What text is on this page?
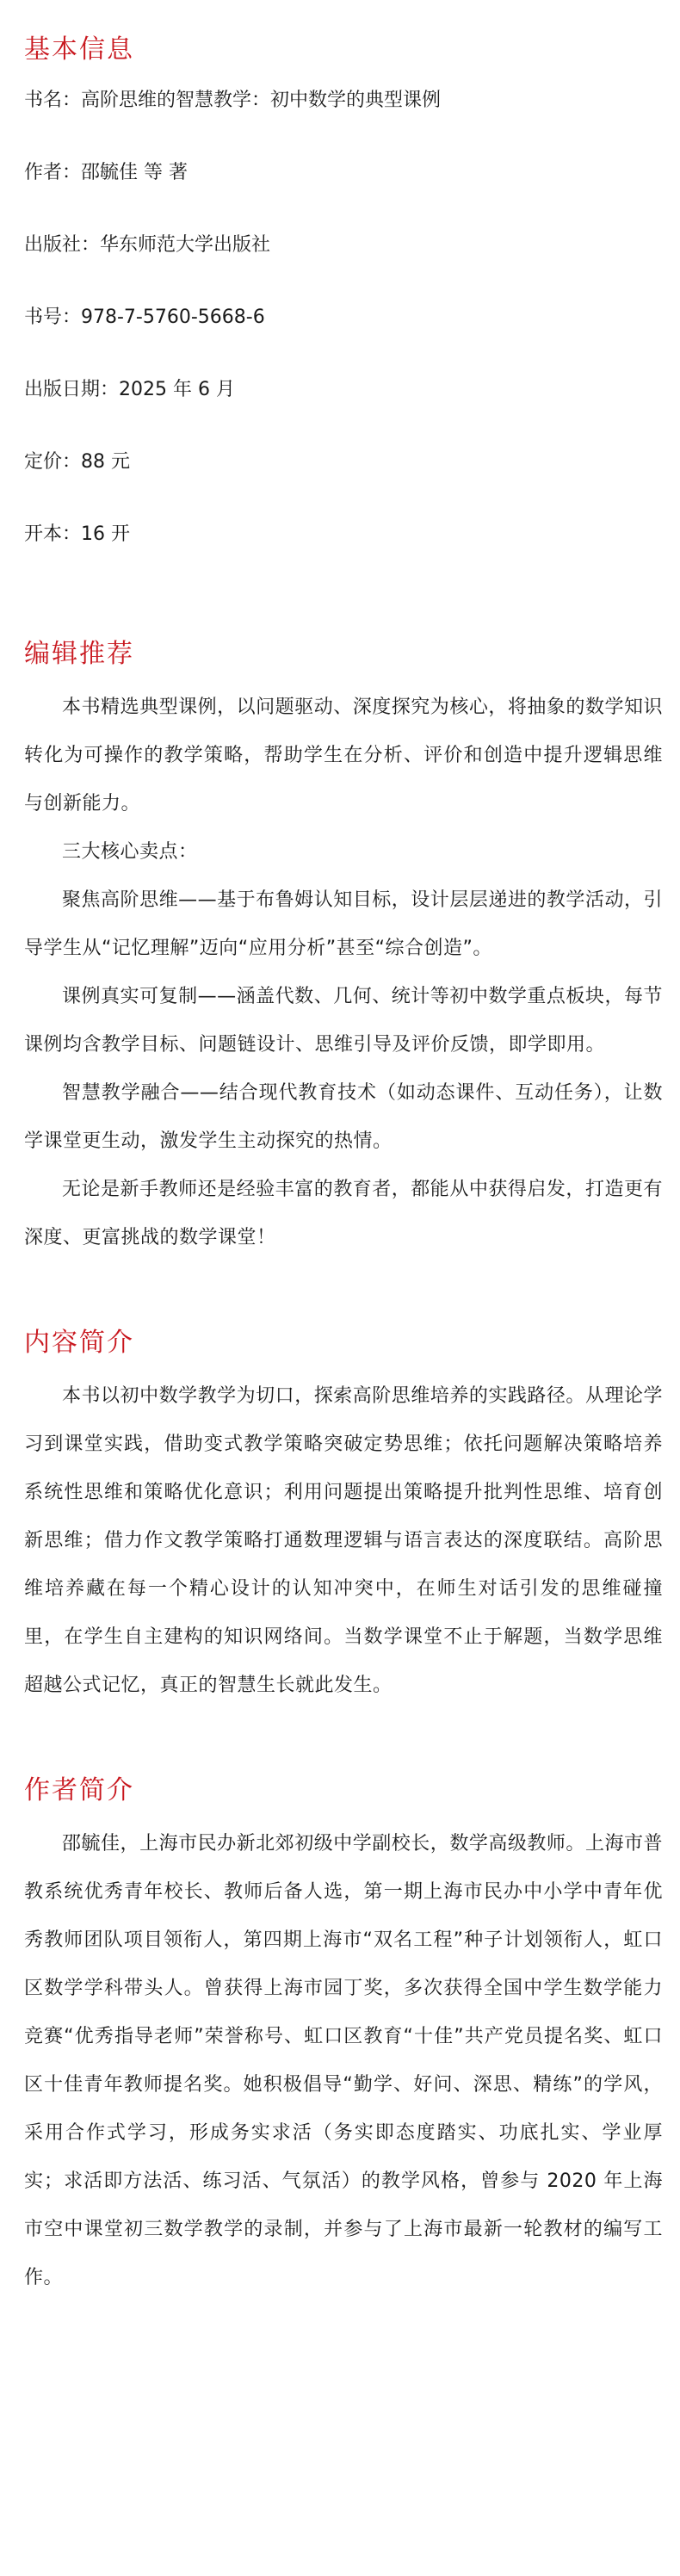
基本信息

书名：高阶思维的智慧教学：初中数学的典型课例

作者：邵毓佳 等 著

出版社：华东师范大学出版社

书号：978-7-5760-5668-6

出版日期：2025 年 6 月

定价：88 元

开本：16 开

编辑推荐

本书精选典型课例，以问题驱动、深度探究为核心，将抽象的数学知识转化为可操作的教学策略，帮助学生在分析、评价和创造中提升逻辑思维与创新能力。

三大核心卖点：

聚焦高阶思维——基于布鲁姆认知目标，设计层层递进的教学活动，引导学生从“记忆理解”迈向“应用分析”甚至“综合创造”。

课例真实可复制——涵盖代数、几何、统计等初中数学重点板块，每节课例均含教学目标、问题链设计、思维引导及评价反馈，即学即用。

智慧教学融合——结合现代教育技术（如动态课件、互动任务），让数学课堂更生动，激发学生主动探究的热情。

无论是新手教师还是经验丰富的教育者，都能从中获得启发，打造更有深度、更富挑战的数学课堂！

内容简介

本书以初中数学教学为切口，探索高阶思维培养的实践路径。从理论学习到课堂实践，借助变式教学策略突破定势思维；依托问题解决策略培养系统性思维和策略优化意识；利用问题提出策略提升批判性思维、培育创新思维；借力作文教学策略打通数理逻辑与语言表达的深度联结。高阶思维培养藏在每一个精心设计的认知冲突中，在师生对话引发的思维碰撞里，在学生自主建构的知识网络间。当数学课堂不止于解题，当数学思维超越公式记忆，真正的智慧生长就此发生。

作者简介

邵毓佳，上海市民办新北郊初级中学副校长，数学高级教师。上海市普教系统优秀青年校长、教师后备人选，第一期上海市民办中小学中青年优秀教师团队项目领衔人，第四期上海市“双名工程”种子计划领衔人，虹口区数学学科带头人。曾获得上海市园丁奖，多次获得全国中学生数学能力竞赛“优秀指导老师”荣誉称号、虹口区教育“十佳”共产党员提名奖、虹口区十佳青年教师提名奖。她积极倡导“勤学、好问、深思、精练”的学风，采用合作式学习，形成务实求活（务实即态度踏实、功底扎实、学业厚实；求活即方法活、练习活、气氛活）的教学风格，曾参与 2020 年上海市空中课堂初三数学教学的录制，并参与了上海市最新一轮教材的编写工作。
